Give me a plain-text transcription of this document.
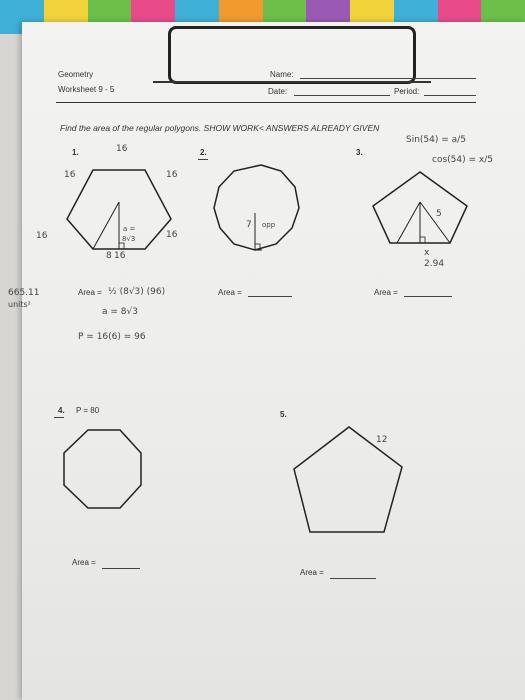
Geometry
Worksheet 9 - 5
Name:
Date:	Period:
Find the area of the regular polygons. SHOW WORK< ANSWERS ALREADY GIVEN
1.	16
16	16
16	16
a =
8√3
8 16
2.
7 opp
3.
Sin(54) = a/5
cos(54) = x/5
5
x
2.94
665.11
units²
Area = ½ (8√3) (96)
a = 8√3
P = 16(6) = 96
Area =	Area =
4. P = 80
Area =
5.
12
Area =
